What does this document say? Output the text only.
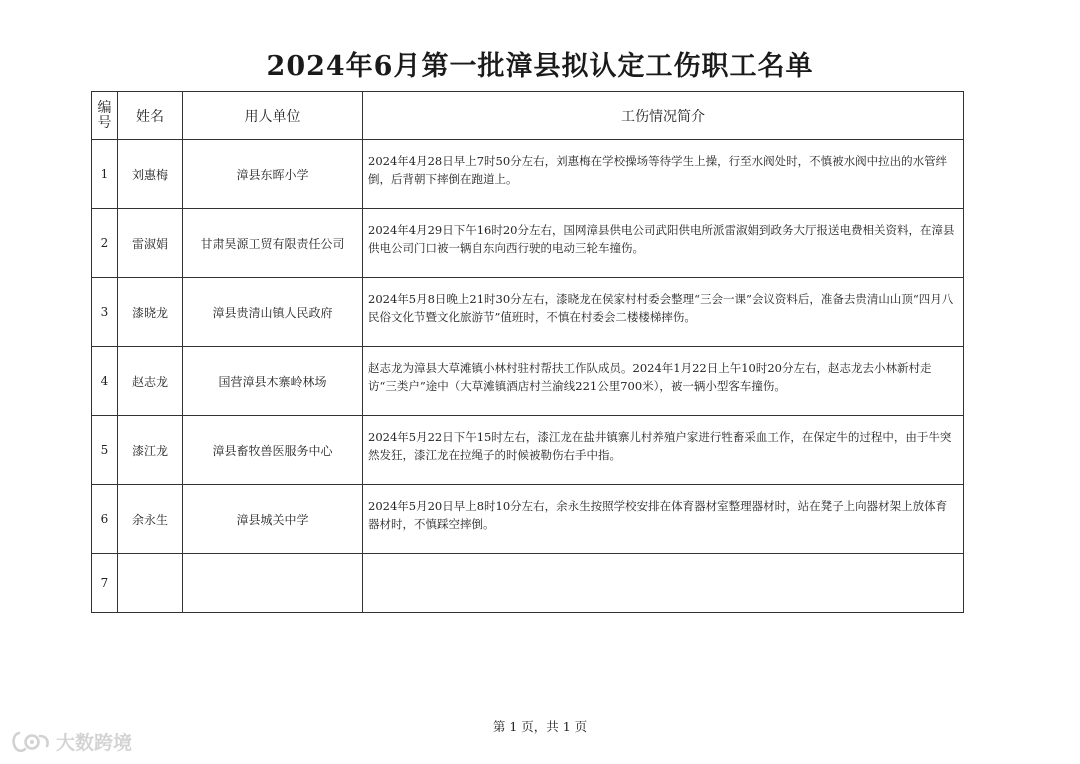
2024年6月第一批漳县拟认定工伤职工名单
编
号	姓名	用人单位	工伤情况简介
1	刘惠梅	漳县东晖小学	2024年4月28日早上7时50分左右，刘惠梅在学校操场等待学生上操，行至水阀处时，不慎被水阀中拉出的水管绊倒，后背朝下摔倒在跑道上。

2	雷淑娟	甘肃昊源工贸有限责任公司	2024年4月29日下午16时20分左右，国网漳县供电公司武阳供电所派雷淑娟到政务大厅报送电费相关资料，在漳县供电公司门口被一辆自东向西行驶的电动三轮车撞伤。

3	漆晓龙	漳县贵清山镇人民政府	2024年5月8日晚上21时30分左右，漆晓龙在侯家村村委会整理“三会一课”会议资料后，准备去贵清山山顶“四月八民俗文化节暨文化旅游节”值班时，不慎在村委会二楼楼梯摔伤。

4	赵志龙	国营漳县木寨岭林场	赵志龙为漳县大草滩镇小林村驻村帮扶工作队成员。2024年1月22日上午10时20分左右，赵志龙去小林新村走访“三类户”途中（大草滩镇酒店村兰渝线221公里700米），被一辆小型客车撞伤。

5	漆江龙	漳县畜牧兽医服务中心	2024年5月22日下午15时左右，漆江龙在盐井镇寨儿村养殖户家进行牲畜采血工作，在保定牛的过程中，由于牛突然发狂，漆江龙在拉绳子的时候被勒伤右手中指。

6	余永生	漳县城关中学	2024年5月20日早上8时10分左右，余永生按照学校安排在体育器材室整理器材时，站在凳子上向器材架上放体育器材时，不慎踩空摔倒。

7			
第 1 页，共 1 页
大数跨境
